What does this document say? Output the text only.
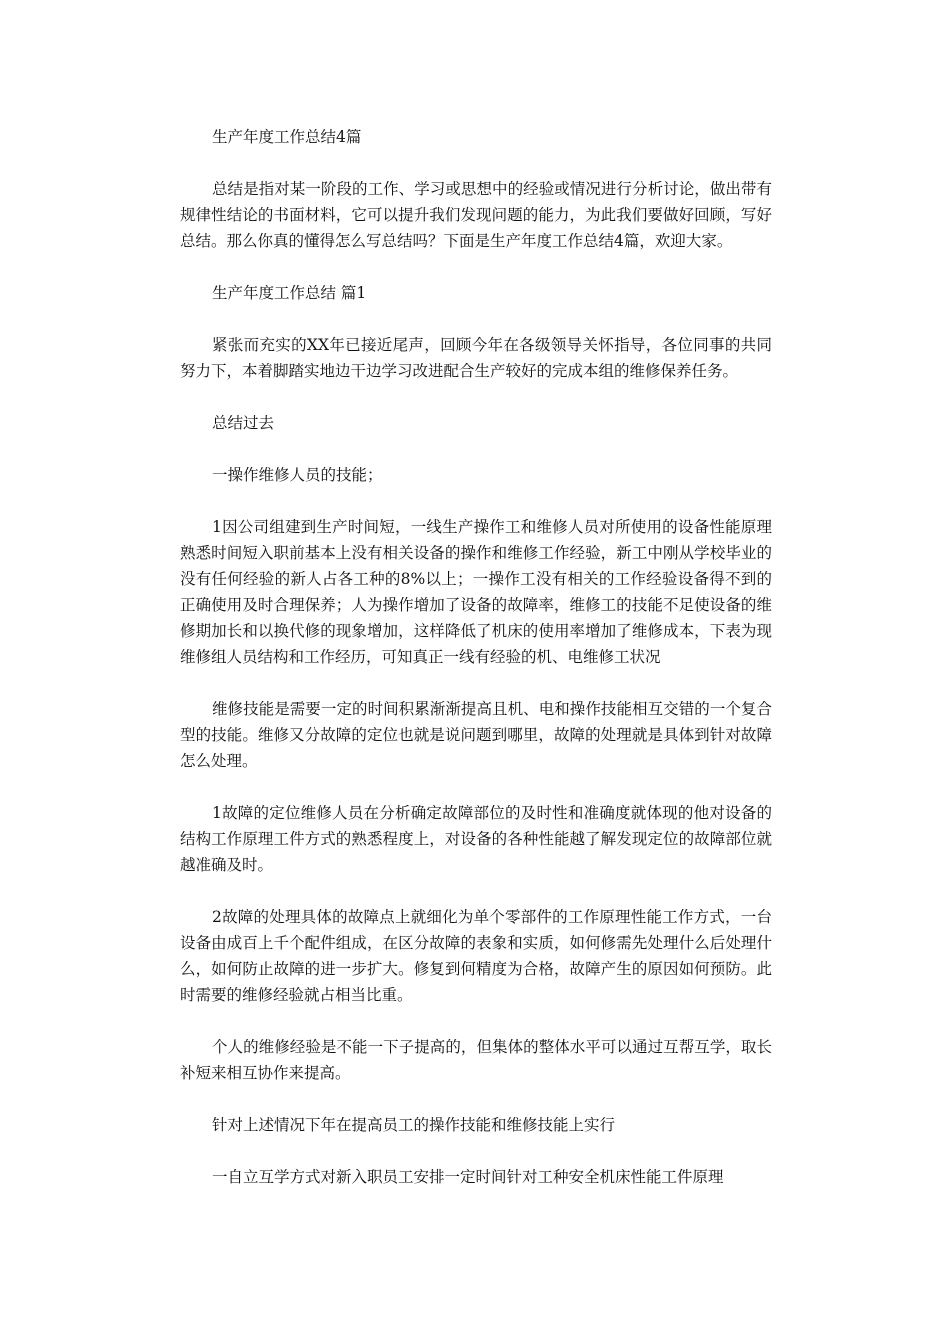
生产年度工作总结4篇

总结是指对某一阶段的工作、学习或思想中的经验或情况进行分析讨论，做出带有规律性结论的书面材料，它可以提升我们发现问题的能力，为此我们要做好回顾，写好总结。那么你真的懂得怎么写总结吗？下面是生产年度工作总结4篇，欢迎大家。

生产年度工作总结 篇1

紧张而充实的XX年已接近尾声，回顾今年在各级领导关怀指导，各位同事的共同努力下，本着脚踏实地边干边学习改进配合生产较好的完成本组的维修保养任务。

总结过去

一操作维修人员的技能；

1因公司组建到生产时间短，一线生产操作工和维修人员对所使用的设备性能原理熟悉时间短入职前基本上没有相关设备的操作和维修工作经验，新工中刚从学校毕业的没有任何经验的新人占各工种的8%以上；一操作工没有相关的工作经验设备得不到的正确使用及时合理保养；人为操作增加了设备的故障率，维修工的技能不足使设备的维修期加长和以换代修的现象增加，这样降低了机床的使用率增加了维修成本，下表为现维修组人员结构和工作经历，可知真正一线有经验的机、电维修工状况

维修技能是需要一定的时间积累渐渐提高且机、电和操作技能相互交错的一个复合型的技能。维修又分故障的定位也就是说问题到哪里，故障的处理就是具体到针对故障怎么处理。

1故障的定位维修人员在分析确定故障部位的及时性和准确度就体现的他对设备的结构工作原理工件方式的熟悉程度上，对设备的各种性能越了解发现定位的故障部位就越准确及时。

2故障的处理具体的故障点上就细化为单个零部件的工作原理性能工作方式，一台设备由成百上千个配件组成，在区分故障的表象和实质，如何修需先处理什么后处理什么，如何防止故障的进一步扩大。修复到何精度为合格，故障产生的原因如何预防。此时需要的维修经验就占相当比重。

个人的维修经验是不能一下子提高的，但集体的整体水平可以通过互帮互学，取长补短来相互协作来提高。

针对上述情况下年在提高员工的操作技能和维修技能上实行

一自立互学方式对新入职员工安排一定时间针对工种安全机床性能工件原理
